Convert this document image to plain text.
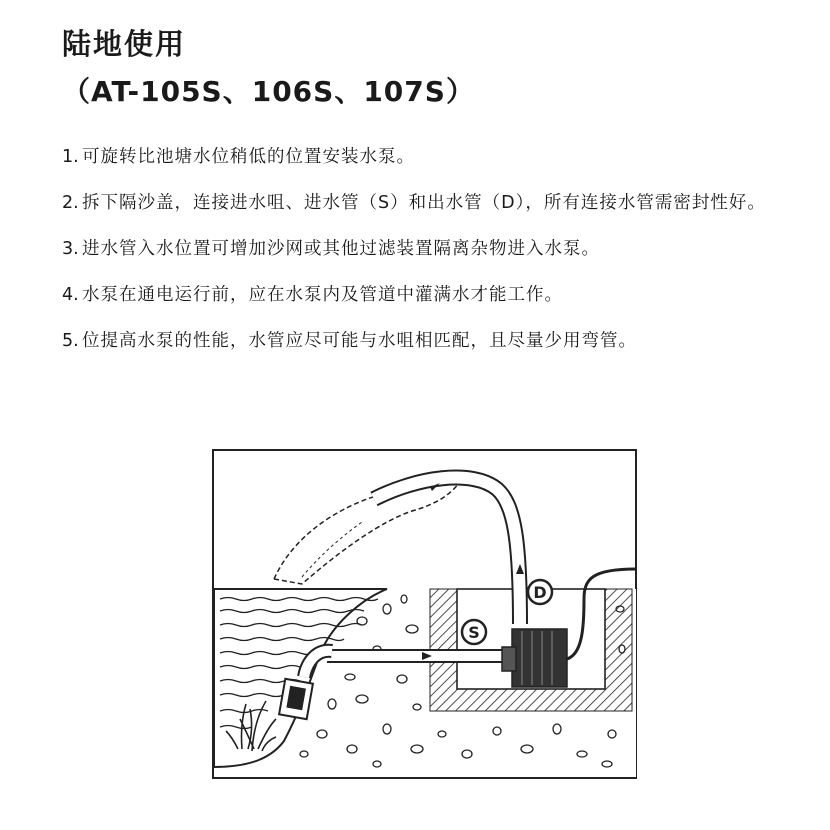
陆地使用
（AT-105S、106S、107S）
1. 可旋转比池塘水位稍低的位置安装水泵。
2. 拆下隔沙盖，连接进水咀、进水管（S）和出水管（D），所有连接水管需密封性好。
3. 进水管入水位置可增加沙网或其他过滤装置隔离杂物进入水泵。
4. 水泵在通电运行前，应在水泵内及管道中灌满水才能工作。
5. 位提高水泵的性能，水管应尽可能与水咀相匹配，且尽量少用弯管。
S
D
